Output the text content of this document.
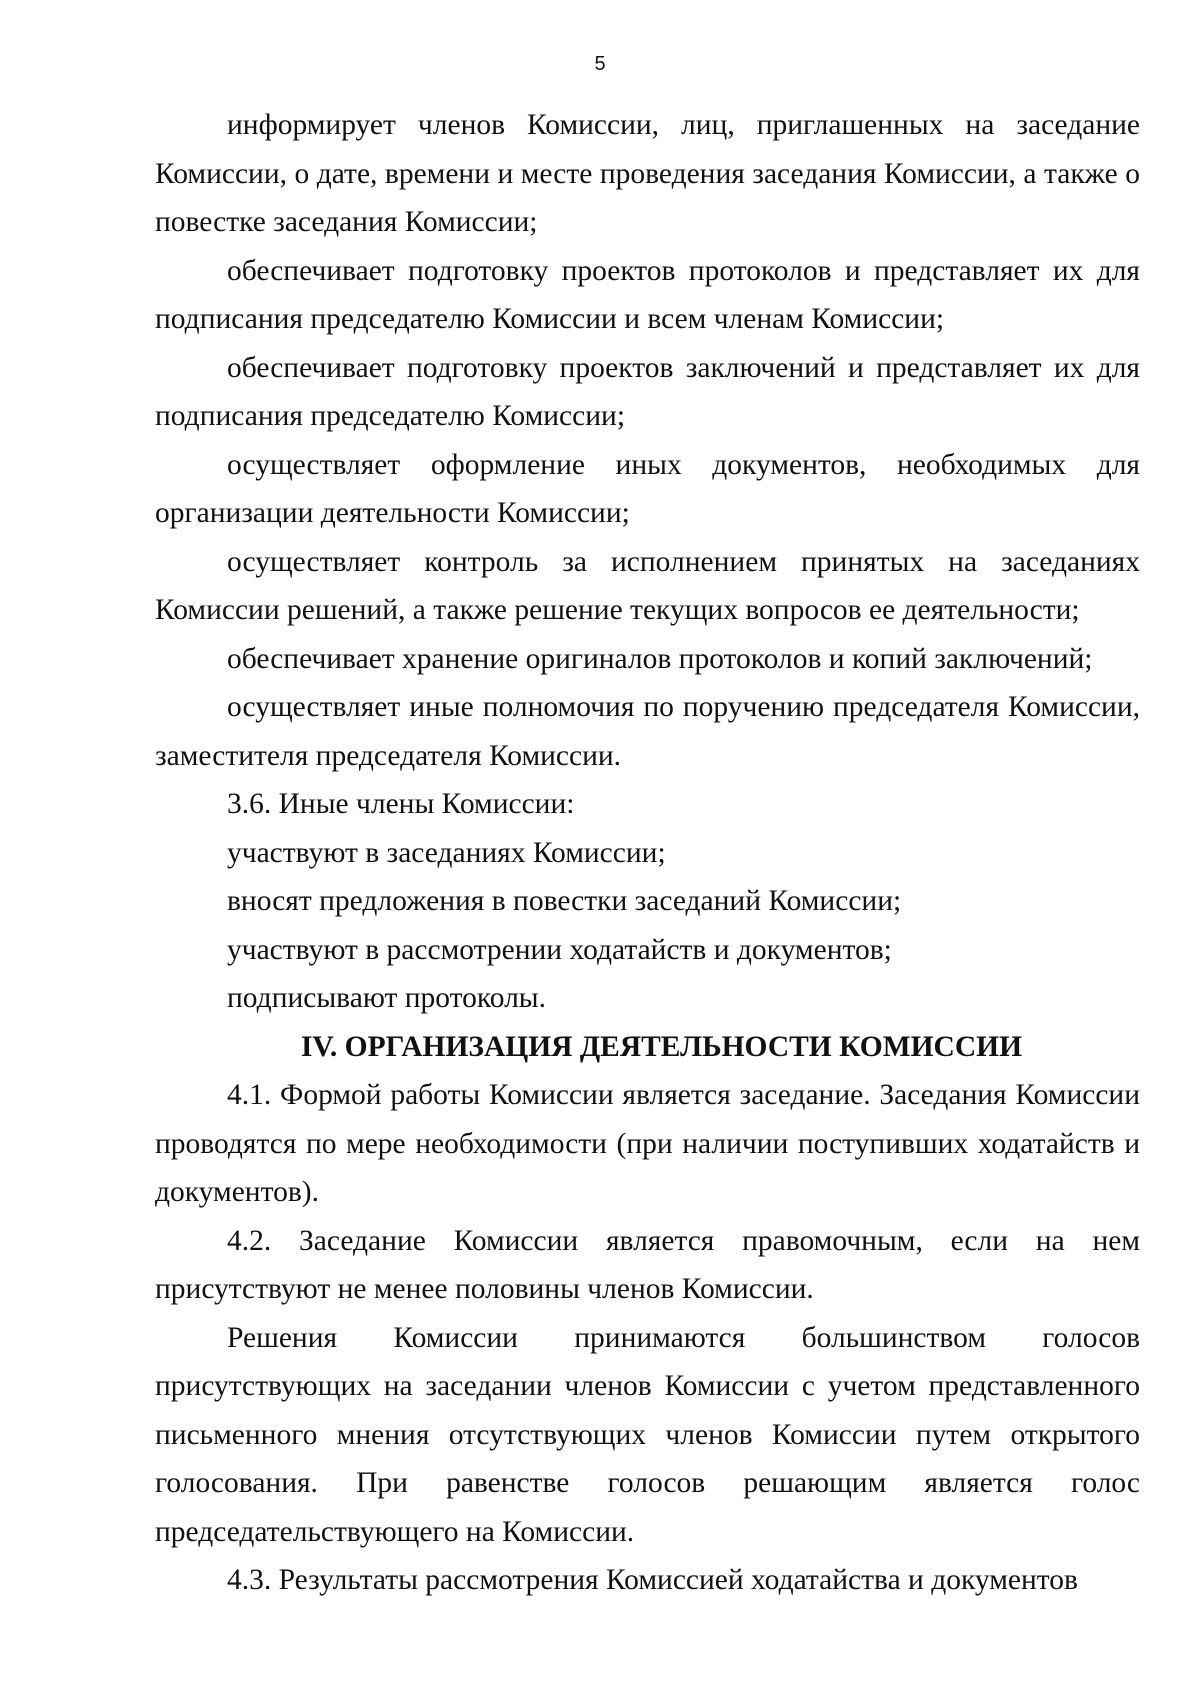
5

информирует членов Комиссии, лиц, приглашенных на заседание Комиссии, о дате, времени и месте проведения заседания Комиссии, а также о повестке заседания Комиссии;

обеспечивает подготовку проектов протоколов и представляет их для подписания председателю Комиссии и всем членам Комиссии;

обеспечивает подготовку проектов заключений и представляет их для подписания председателю Комиссии;

осуществляет оформление иных документов, необходимых для организации деятельности Комиссии;

осуществляет контроль за исполнением принятых на заседаниях Комиссии решений, а также решение текущих вопросов ее деятельности;

обеспечивает хранение оригиналов протоколов и копий заключений;

осуществляет иные полномочия по поручению председателя Комиссии, заместителя председателя Комиссии.

3.6. Иные члены Комиссии:

участвуют в заседаниях Комиссии;

вносят предложения в повестки заседаний Комиссии;

участвуют в рассмотрении ходатайств и документов;

подписывают протоколы.

IV. ОРГАНИЗАЦИЯ ДЕЯТЕЛЬНОСТИ КОМИССИИ

4.1. Формой работы Комиссии является заседание. Заседания Комиссии проводятся по мере необходимости (при наличии поступивших ходатайств и документов).

4.2. Заседание Комиссии является правомочным, если на нем присутствуют не менее половины членов Комиссии.

Решения Комиссии принимаются большинством голосов присутствующих на заседании членов Комиссии с учетом представленного письменного мнения отсутствующих членов Комиссии путем открытого голосования. При равенстве голосов решающим является голос председательствующего на Комиссии.

4.3. Результаты рассмотрения Комиссией ходатайства и документов
